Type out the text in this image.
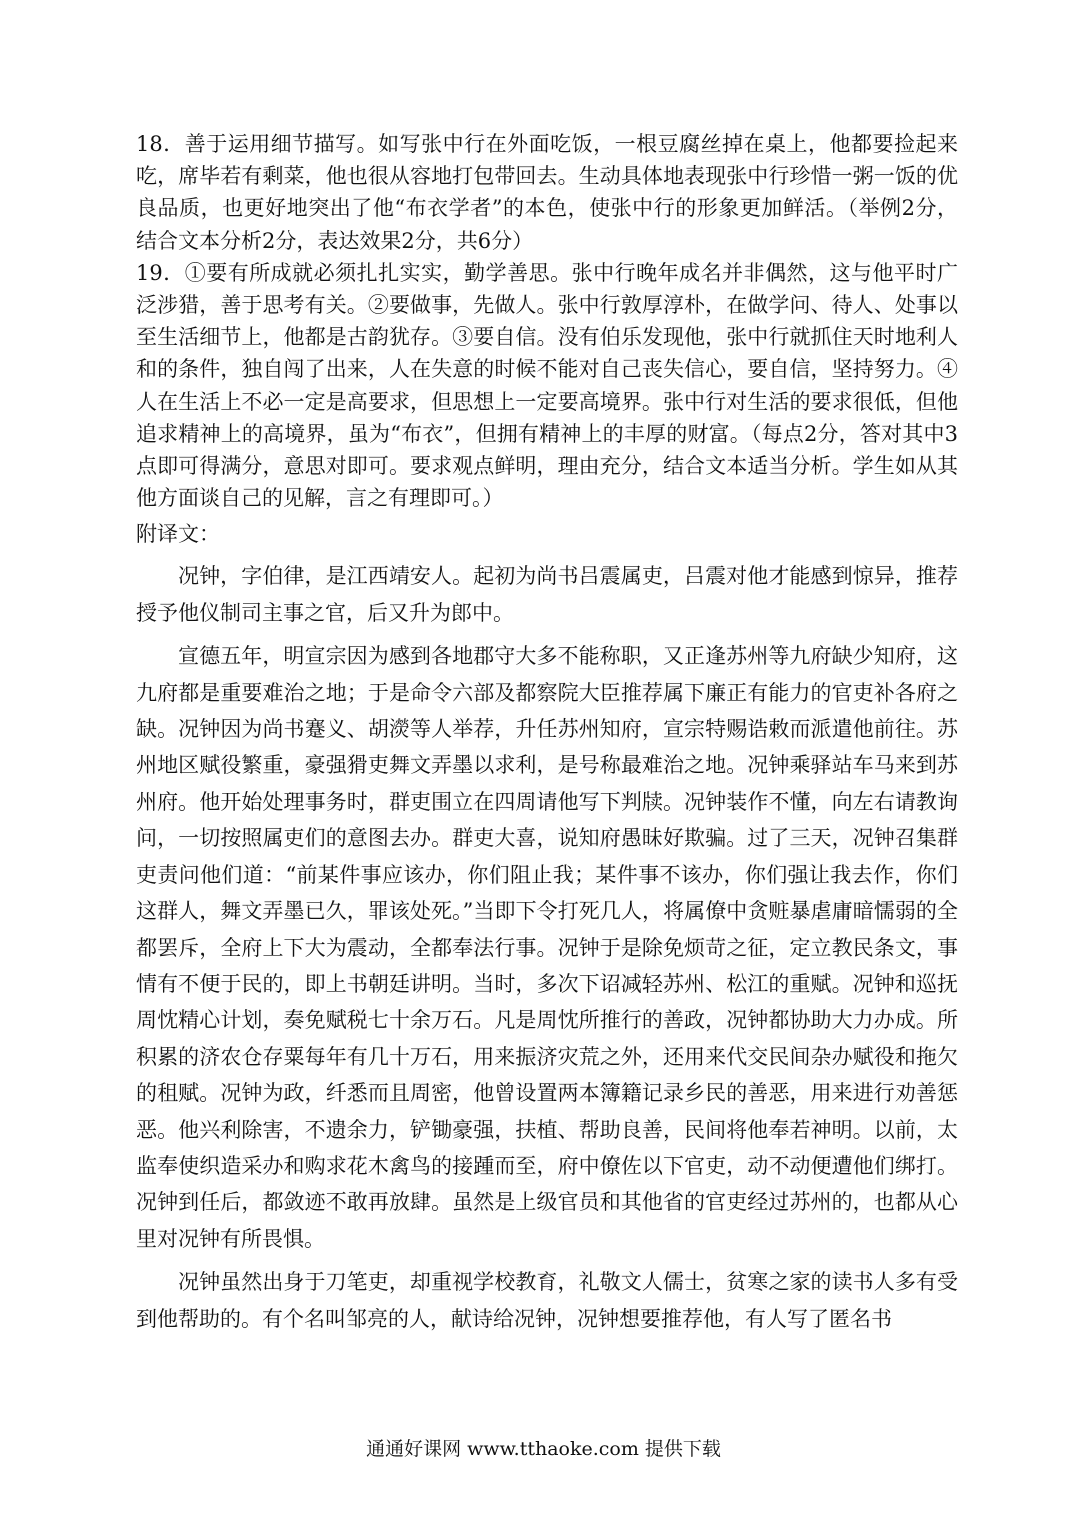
18．善于运用细节描写。如写张中行在外面吃饭，一根豆腐丝掉在桌上，他都要捡起来吃，席毕若有剩菜，他也很从容地打包带回去。生动具体地表现张中行珍惜一粥一饭的优良品质，也更好地突出了他“布衣学者”的本色，使张中行的形象更加鲜活。（举例2分，结合文本分析2分，表达效果2分，共6分）

19．①要有所成就必须扎扎实实，勤学善思。张中行晚年成名并非偶然，这与他平时广泛涉猎，善于思考有关。②要做事，先做人。张中行敦厚淳朴，在做学问、待人、处事以至生活细节上，他都是古韵犹存。③要自信。没有伯乐发现他，张中行就抓住天时地利人和的条件，独自闯了出来，人在失意的时候不能对自己丧失信心，要自信，坚持努力。④人在生活上不必一定是高要求，但思想上一定要高境界。张中行对生活的要求很低，但他追求精神上的高境界，虽为“布衣”，但拥有精神上的丰厚的财富。（每点2分，答对其中3点即可得满分，意思对即可。要求观点鲜明，理由充分，结合文本适当分析。学生如从其他方面谈自己的见解，言之有理即可。）

附译文：

况钟，字伯律，是江西靖安人。起初为尚书吕震属吏，吕震对他才能感到惊异，推荐授予他仪制司主事之官，后又升为郎中。

宣德五年，明宣宗因为感到各地郡守大多不能称职，又正逢苏州等九府缺少知府，这九府都是重要难治之地；于是命令六部及都察院大臣推荐属下廉正有能力的官吏补各府之缺。况钟因为尚书蹇义、胡濙等人举荐，升任苏州知府，宣宗特赐诰敕而派遣他前往。苏州地区赋役繁重，豪强猾吏舞文弄墨以求利，是号称最难治之地。况钟乘驿站车马来到苏州府。他开始处理事务时，群吏围立在四周请他写下判牍。况钟装作不懂，向左右请教询问，一切按照属吏们的意图去办。群吏大喜，说知府愚昧好欺骗。过了三天，况钟召集群吏责问他们道：“前某件事应该办，你们阻止我；某件事不该办，你们强让我去作，你们这群人，舞文弄墨已久，罪该处死。”当即下令打死几人，将属僚中贪赃暴虐庸暗懦弱的全都罢斥，全府上下大为震动，全都奉法行事。况钟于是除免烦苛之征，定立教民条文，事情有不便于民的，即上书朝廷讲明。当时，多次下诏减轻苏州、松江的重赋。况钟和巡抚周忱精心计划，奏免赋税七十余万石。凡是周忱所推行的善政，况钟都协助大力办成。所积累的济农仓存粟每年有几十万石，用来振济灾荒之外，还用来代交民间杂办赋役和拖欠的租赋。况钟为政，纤悉而且周密，他曾设置两本簿籍记录乡民的善恶，用来进行劝善惩恶。他兴利除害，不遗余力，铲锄豪强，扶植、帮助良善，民间将他奉若神明。以前，太监奉使织造采办和购求花木禽鸟的接踵而至，府中僚佐以下官吏，动不动便遭他们绑打。况钟到任后，都敛迹不敢再放肆。虽然是上级官员和其他省的官吏经过苏州的，也都从心里对况钟有所畏惧。

况钟虽然出身于刀笔吏，却重视学校教育，礼敬文人儒士，贫寒之家的读书人多有受到他帮助的。有个名叫邹亮的人，献诗给况钟，况钟想要推荐他，有人写了匿名书

通通好课网 www.tthaoke.com 提供下载
